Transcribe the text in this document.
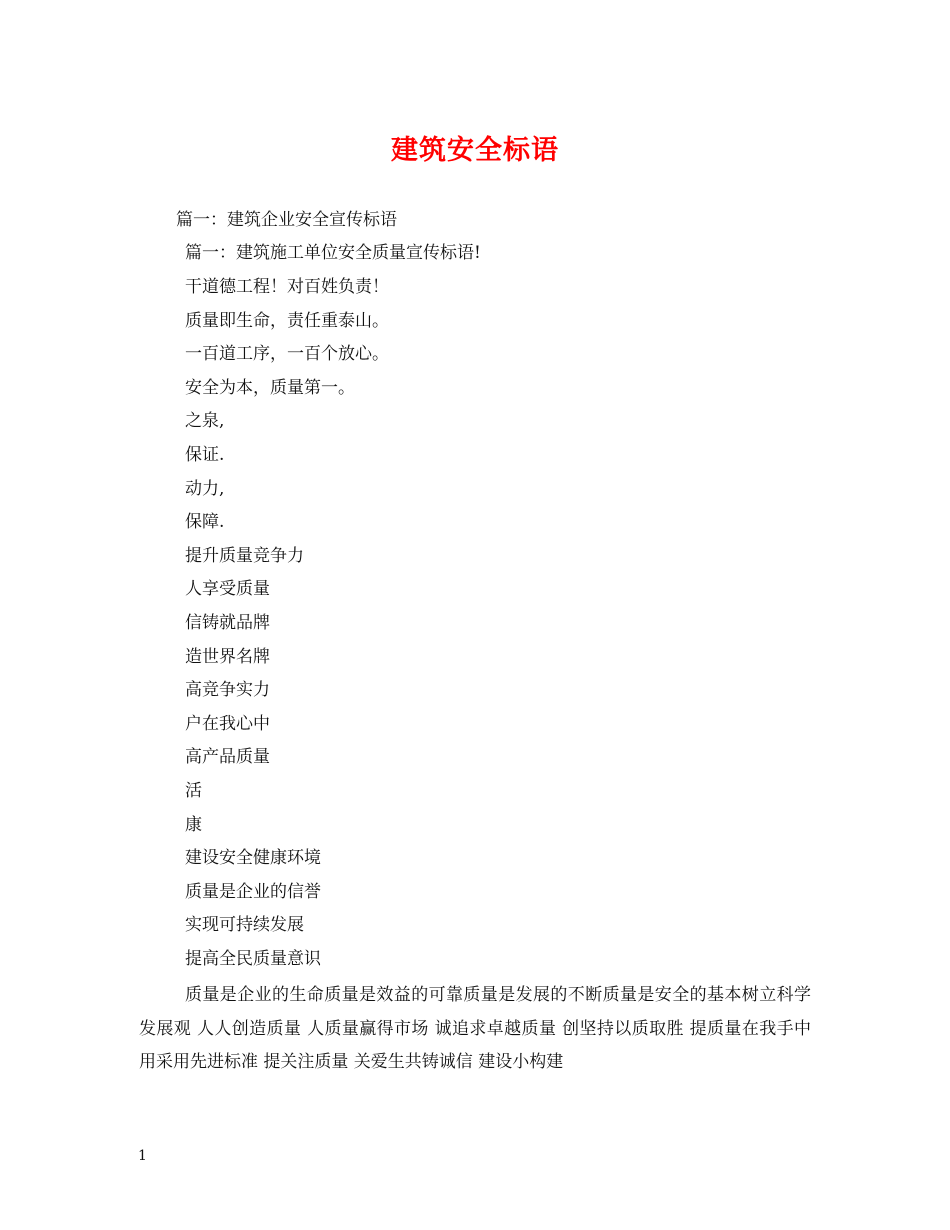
建筑安全标语
篇一：建筑企业安全宣传标语
篇一：建筑施工单位安全质量宣传标语!
干道德工程！对百姓负责！
质量即生命，责任重泰山。
一百道工序，一百个放心。
安全为本，质量第一。
之泉,
保证.
动力,
保障.
提升质量竞争力
人享受质量
信铸就品牌
造世界名牌
高竞争实力
户在我心中
高产品质量
活
康
建设安全健康环境
质量是企业的信誉
实现可持续发展
提高全民质量意识
质量是企业的生命质量是效益的可靠质量是发展的不断质量是安全的基本树立科学发展观 人人创造质量 人质量赢得市场 诚追求卓越质量 创坚持以质取胜 提质量在我手中 用采用先进标准 提关注质量 关爱生共铸诚信 建设小构建
1
